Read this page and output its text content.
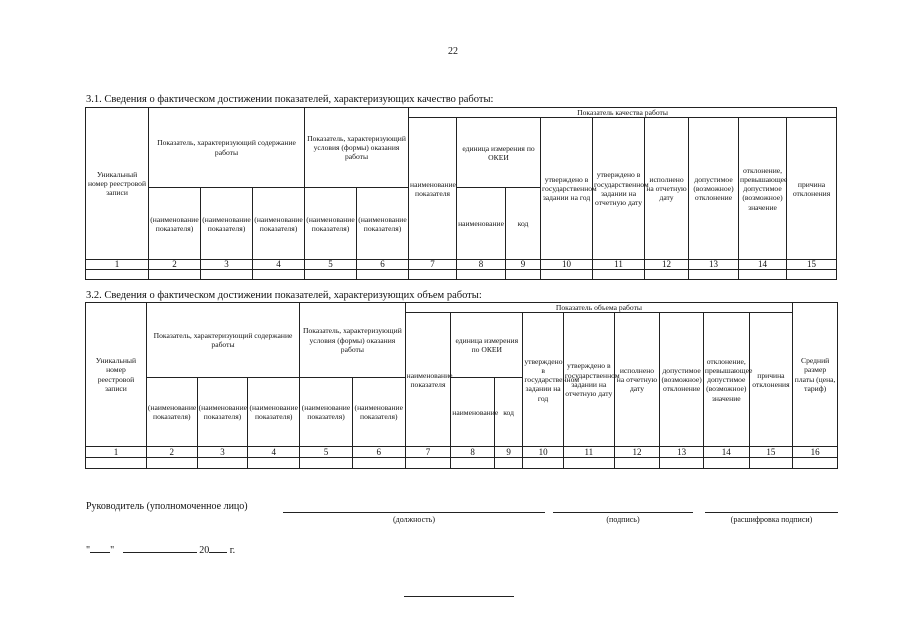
22
3.1. Сведения о фактическом достижении показателей, характеризующих качество работы:
Уникальный номер реестровой записи	Показатель, характеризующий содержание работы			Показатель, характеризующий условия (формы) оказания работы		Показатель качества работы								
						наименование показателя	единица измерения по ОКЕИ		утверждено в государственном задании на год	утверждено в государственном задании на отчетную дату	исполнено на отчетную дату	допустимое (возможное) отклонение	отклонение, превышающее допустимое (возможное) значение	причина отклонения

	(наименование показателя)	(наименование показателя)	(наименование показателя)	(наименование показателя)	(наименование показателя)		наименование	код						
1	2	3	4	5	6	7	8	9	10	11	12	13	14	15

3.2. Сведения о фактическом достижении показателей, характеризующих объем работы:
Уникальный номер реестровой записи	Показатель, характеризующий содержание работы			Показатель, характеризующий условия (формы) оказания работы		Показатель объема работы									Средний размер платы (цена, тариф)
						наименование показателя	единица измерения по ОКЕИ		утверждено в государственном задании на год	утверждено в государственном задании на отчетную дату	исполнено на отчетную дату	допустимое (возможное) отклонение	отклонение, превышающее допустимое (возможное) значение	причина отклонения	

	(наименование показателя)	(наименование показателя)	(наименование показателя)	(наименование показателя)	(наименование показателя)		наименование	код							
1	2	3	4	5	6	7	8	9	10	11	12	13	14	15	16

Руководитель (уполномоченное лицо)
(должность)	(подпись)	(расшифровка подписи)
" "	20 г.
